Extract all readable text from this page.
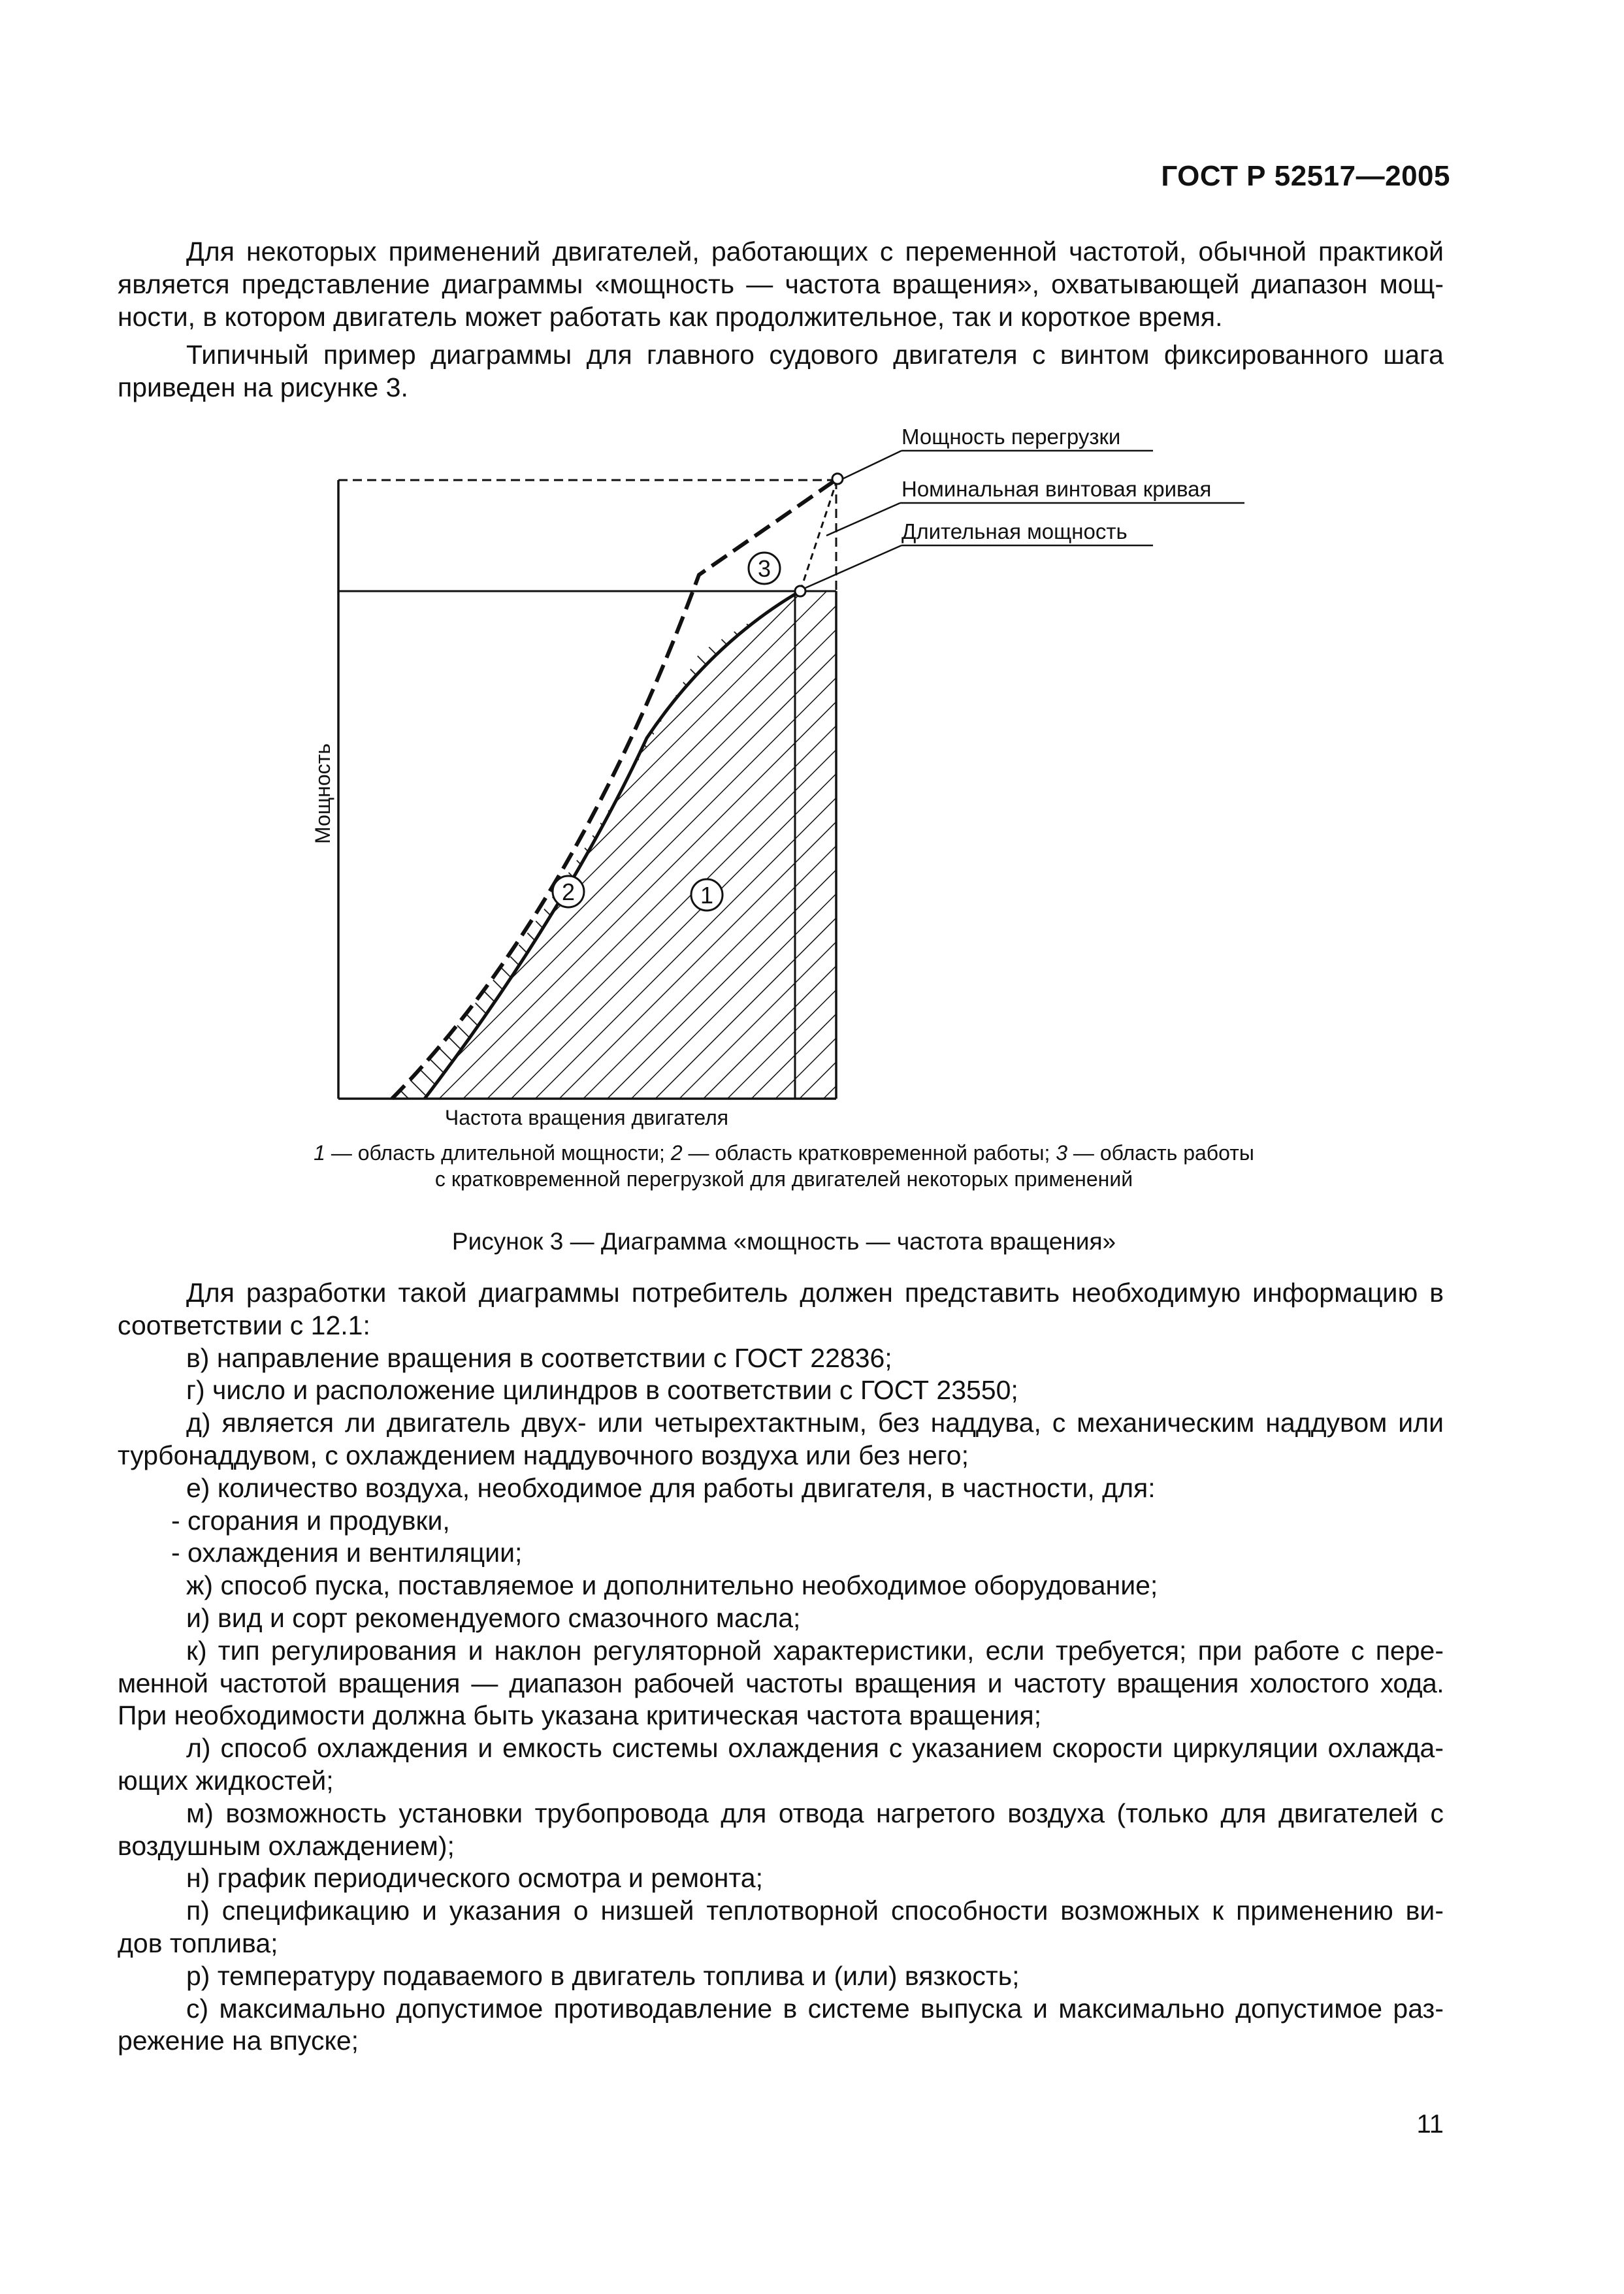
ГОСТ Р 52517—2005
Для некоторых применений двигателей, работающих с переменной частотой, обычной практикой
является представление диаграммы «мощность — частота вращения», охватывающей диапазон мощ-
ности, в котором двигатель может работать как продолжительное, так и короткое время.
Типичный пример диаграммы для главного судового двигателя с винтом фиксированного шага
приведен на рисунке 3.
Мощность перегрузки
Номинальная винтовая кривая
Длительная мощность
3
2	1
Мощность
Частота вращения двигателя
1 — область длительной мощности; 2 — область кратковременной работы; 3 — область работы
с кратковременной перегрузкой для двигателей некоторых применений
Рисунок 3 — Диаграмма «мощность — частота вращения»
Для разработки такой диаграммы потребитель должен представить необходимую информацию в
соответствии с 12.1:
в) направление вращения в соответствии с ГОСТ 22836;
г) число и расположение цилиндров в соответствии с ГОСТ 23550;
д) является ли двигатель двух- или четырехтактным, без наддува, с механическим наддувом или
турбонаддувом, с охлаждением наддувочного воздуха или без него;
е) количество воздуха, необходимое для работы двигателя, в частности, для:
- сгорания и продувки,
- охлаждения и вентиляции;
ж) способ пуска, поставляемое и дополнительно необходимое оборудование;
и) вид и сорт рекомендуемого смазочного масла;
к) тип регулирования и наклон регуляторной характеристики, если требуется; при работе с пере-
менной частотой вращения — диапазон рабочей частоты вращения и частоту вращения холостого хода.
При необходимости должна быть указана критическая частота вращения;
л) способ охлаждения и емкость системы охлаждения с указанием скорости циркуляции охлажда-
ющих жидкостей;
м) возможность установки трубопровода для отвода нагретого воздуха (только для двигателей с
воздушным охлаждением);
н) график периодического осмотра и ремонта;
п) спецификацию и указания о низшей теплотворной способности возможных к применению ви-
дов топлива;
р) температуру подаваемого в двигатель топлива и (или) вязкость;
с) максимально допустимое противодавление в системе выпуска и максимально допустимое раз-
режение на впуске;
11
